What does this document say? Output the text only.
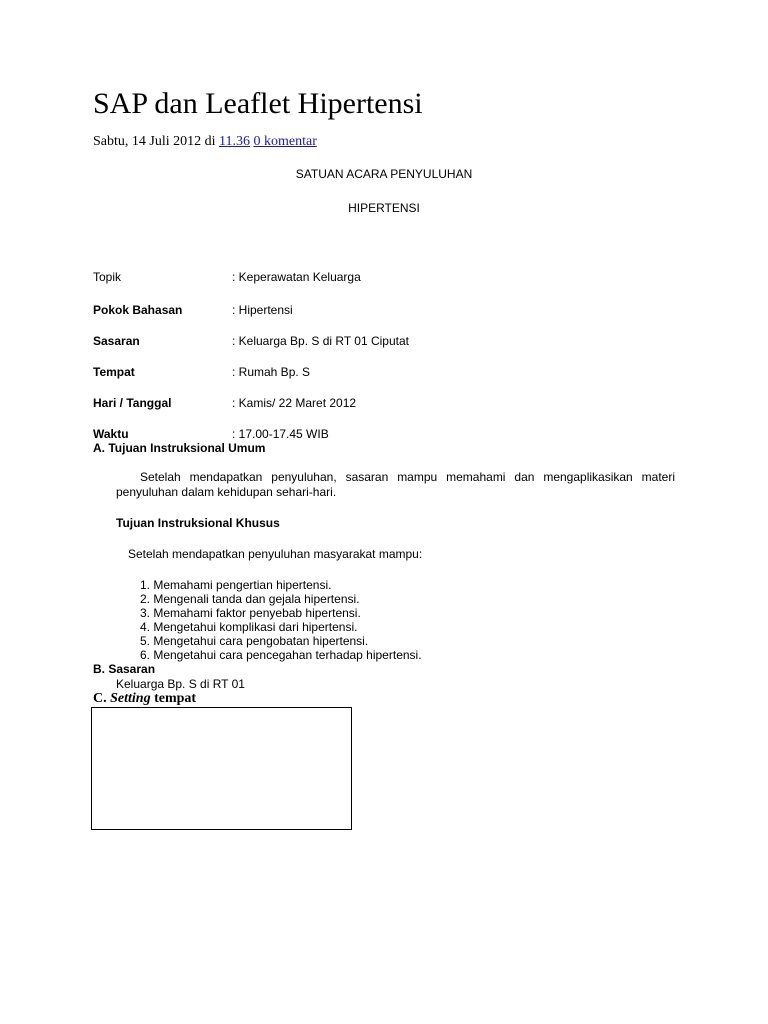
SAP dan Leaflet Hipertensi
Sabtu, 14 Juli 2012 di 11.36 0 komentar
SATUAN ACARA PENYULUHAN
HIPERTENSI
Topik	: Keperawatan Keluarga
Pokok Bahasan	: Hipertensi
Sasaran	: Keluarga Bp. S di RT 01 Ciputat
Tempat	: Rumah Bp. S
Hari / Tanggal	: Kamis/ 22 Maret 2012
Waktu	: 17.00-17.45 WIB
A. Tujuan Instruksional Umum
Setelah mendapatkan penyuluhan, sasaran mampu memahami dan mengaplikasikan materi penyuluhan dalam kehidupan sehari-hari.
Tujuan Instruksional Khusus
Setelah mendapatkan penyuluhan masyarakat mampu:
1. Memahami pengertian hipertensi.
2. Mengenali tanda dan gejala hipertensi.
3. Memahami faktor penyebab hipertensi.
4. Mengetahui komplikasi dari hipertensi.
5. Mengetahui cara pengobatan hipertensi.
6. Mengetahui cara pencegahan terhadap hipertensi.
B. Sasaran
Keluarga Bp. S di RT 01
C. Setting tempat
